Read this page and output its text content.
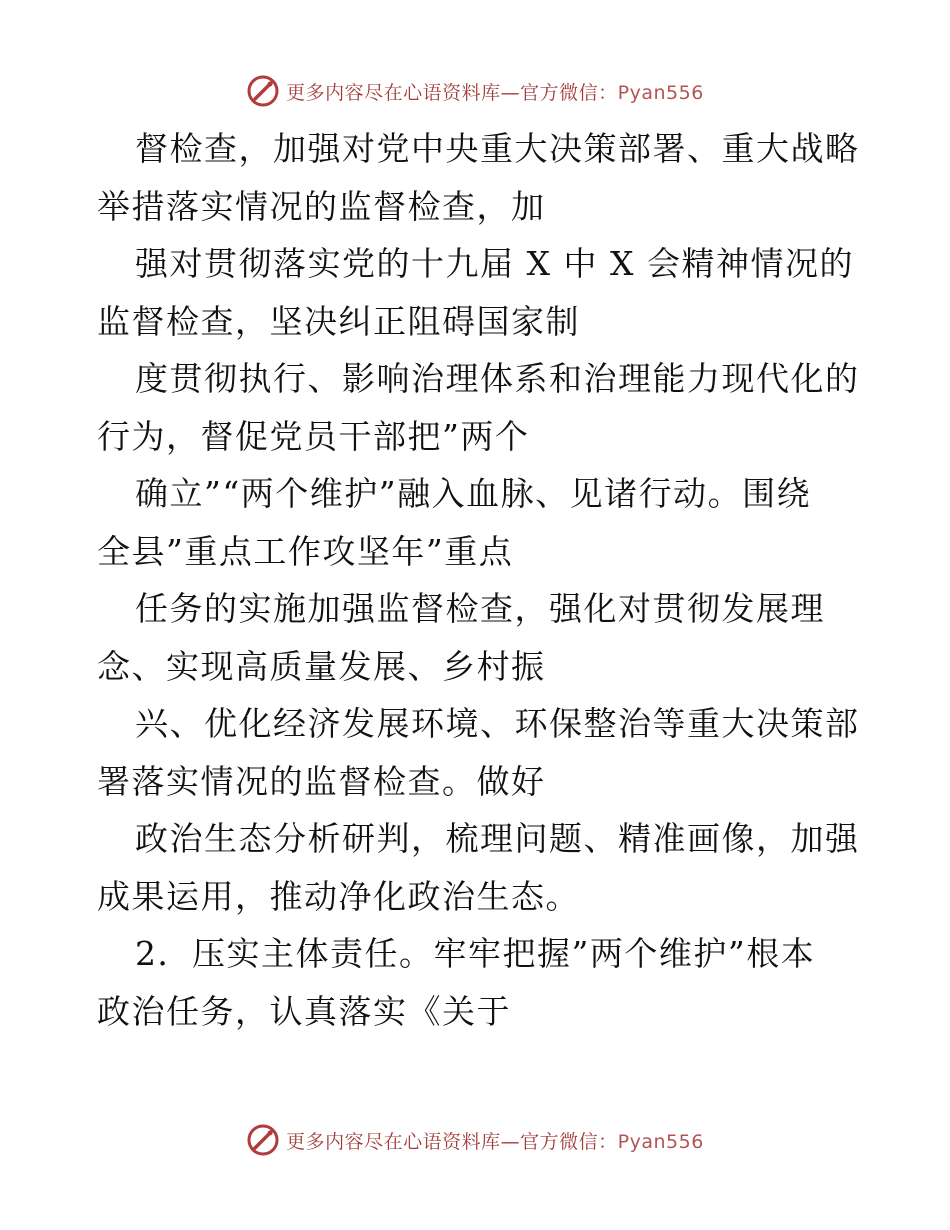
更多内容尽在心语资料库—官方微信：Pyan556
督检查，加强对党中央重大决策部署、重大战略
举措落实情况的监督检查，加
强对贯彻落实党的十九届 X 中 X 会精神情况的
监督检查，坚决纠正阻碍国家制
度贯彻执行、影响治理体系和治理能力现代化的
行为，督促党员干部把”两个
确立”“两个维护”融入血脉、见诸行动。围绕
全县”重点工作攻坚年”重点
任务的实施加强监督检查，强化对贯彻发展理
念、实现高质量发展、乡村振
兴、优化经济发展环境、环保整治等重大决策部
署落实情况的监督检查。做好
政治生态分析研判，梳理问题、精准画像，加强
成果运用，推动净化政治生态。
2．压实主体责任。牢牢把握”两个维护”根本
政治任务，认真落实《关于
更多内容尽在心语资料库—官方微信：Pyan556
